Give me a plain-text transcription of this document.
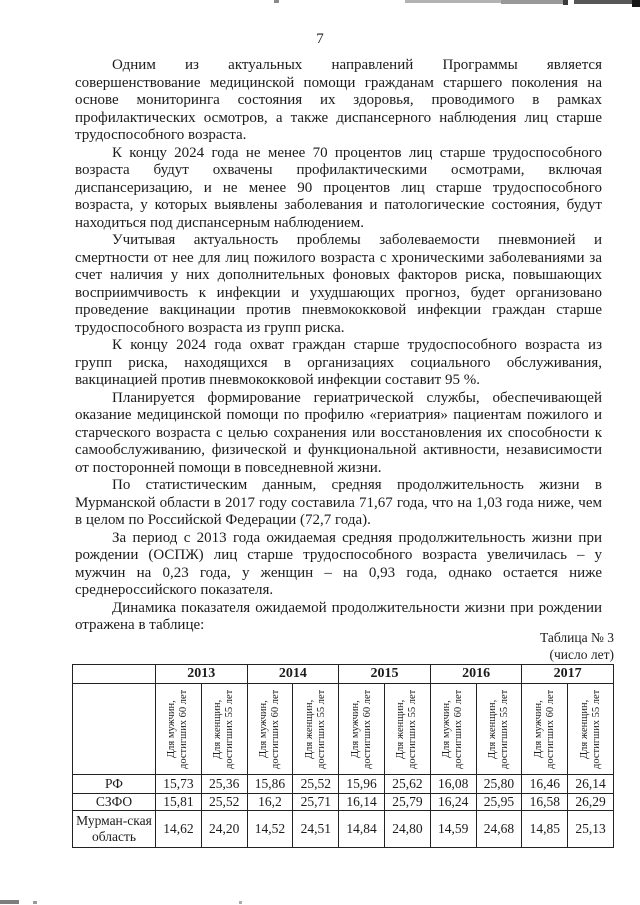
7

Одним из актуальных направлений Программы является совершенствование медицинской помощи гражданам старшего поколения на основе мониторинга состояния их здоровья, проводимого в рамках профилактических осмотров, а также диспансерного наблюдения лиц старше трудоспособного возраста.

К концу 2024 года не менее 70 процентов лиц старше трудоспособного возраста будут охвачены профилактическими осмотрами, включая диспансеризацию, и не менее 90 процентов лиц старше трудоспособного возраста, у которых выявлены заболевания и патологические состояния, будут находиться под диспансерным наблюдением.

Учитывая актуальность проблемы заболеваемости пневмонией и смертности от нее для лиц пожилого возраста с хроническими заболеваниями за счет наличия у них дополнительных фоновых факторов риска, повышающих восприимчивость к инфекции и ухудшающих прогноз, будет организовано проведение вакцинации против пневмококковой инфекции граждан старше трудоспособного возраста из групп риска.

К концу 2024 года охват граждан старше трудоспособного возраста из групп риска, находящихся в организациях социального обслуживания, вакцинацией против пневмококковой инфекции составит 95 %.

Планируется формирование гериатрической службы, обеспечивающей оказание медицинской помощи по профилю «гериатрия» пациентам пожилого и старческого возраста с целью сохранения или восстановления их способности к самообслуживанию, физической и функциональной активности, независимости от посторонней помощи в повседневной жизни.

По статистическим данным, средняя продолжительность жизни в Мурманской области в 2017 году составила 71,67 года, что на 1,03 года ниже, чем в целом по Российской Федерации (72,7 года).

За период с 2013 года ожидаемая средняя продолжительность жизни при рождении (ОСПЖ) лиц старше трудоспособного возраста увеличилась – у мужчин на 0,23 года, у женщин – на 0,93 года, однако остается ниже среднероссийского показателя.

Динамика показателя ожидаемой продолжительности жизни при рождении отражена в таблице:

Таблица № 3
(число лет)
	2013		2014		2015		2016		2017	

	Для мужчин, достигших 60 лет	Для женщин, достигших 55 лет	Для мужчин, достигших 60 лет	Для женщин, достигших 55 лет	Для мужчин, достигших 60 лет	Для женщин, достигших 55 лет	Для мужчин, достигших 60 лет	Для женщин, достигших 55 лет	Для мужчин, достигших 60 лет	Для женщин, достигших 55 лет

РФ	15,73	25,36	15,86	25,52	15,96	25,62	16,08	25,80	16,46	26,14
СЗФО	15,81	25,52	16,2	25,71	16,14	25,79	16,24	25,95	16,58	26,29
Мурман-ская область	14,62	24,20	14,52	24,51	14,84	24,80	14,59	24,68	14,85	25,13
